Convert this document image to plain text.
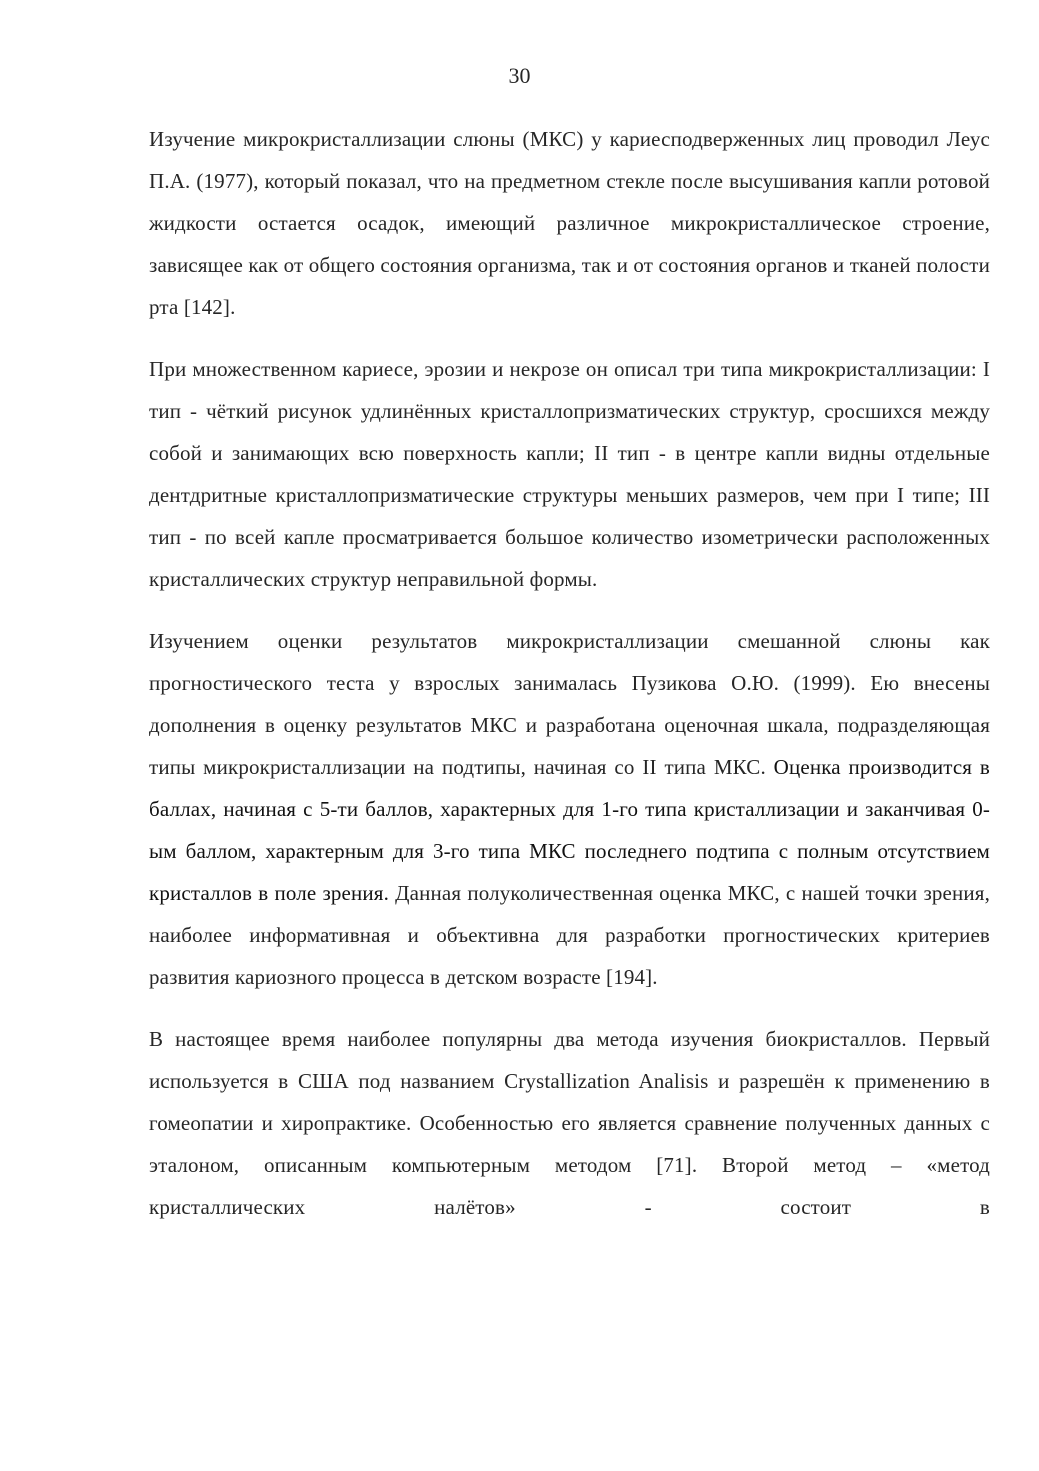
30

Изучение микрокристаллизации слюны (МКС) у кариесподверженных лиц проводил Леус П.А. (1977), который показал, что на предметном стекле после высушивания капли ротовой жидкости остается осадок, имеющий различное микрокристаллическое строение, зависящее как от общего состояния организма, так и от состояния органов и тканей полости рта [142].

При множественном кариесе, эрозии и некрозе он описал три типа микрокристаллизации: I тип - чёткий рисунок удлинённых кристаллопризматических структур, сросшихся между собой и занимающих всю поверхность капли; II тип - в центре капли видны отдельные дентдритные кристаллопризматические структуры меньших размеров, чем при I типе; III тип - по всей капле просматривается большое количество изометрически расположенных кристаллических структур неправильной формы.

Изучением оценки результатов микрокристаллизации смешанной слюны как прогностического теста у взрослых занималась Пузикова О.Ю. (1999). Ею внесены дополнения в оценку результатов МКС и разработана оценочная шкала, подразделяющая типы микрокристаллизации на подтипы, начиная со II типа МКС. Оценка производится в баллах, начиная с 5-ти баллов, характерных для 1-го типа кристаллизации и заканчивая 0-ым баллом, характерным для 3-го типа МКС последнего подтипа с полным отсутствием кристаллов в поле зрения. Данная полуколичественная оценка МКС, с нашей точки зрения, наиболее информативная и объективна для разработки прогностических критериев развития кариозного процесса в детском возрасте [194].

В настоящее время наиболее популярны два метода изучения биокристаллов. Первый используется в США под названием Crystallization Analisis и разрешён к применению в гомеопатии и хиропрактике. Особенностью его является сравнение полученных данных с эталоном, описанным компьютерным методом [71]. Второй метод – «метод кристаллических налётов» - состоит в
